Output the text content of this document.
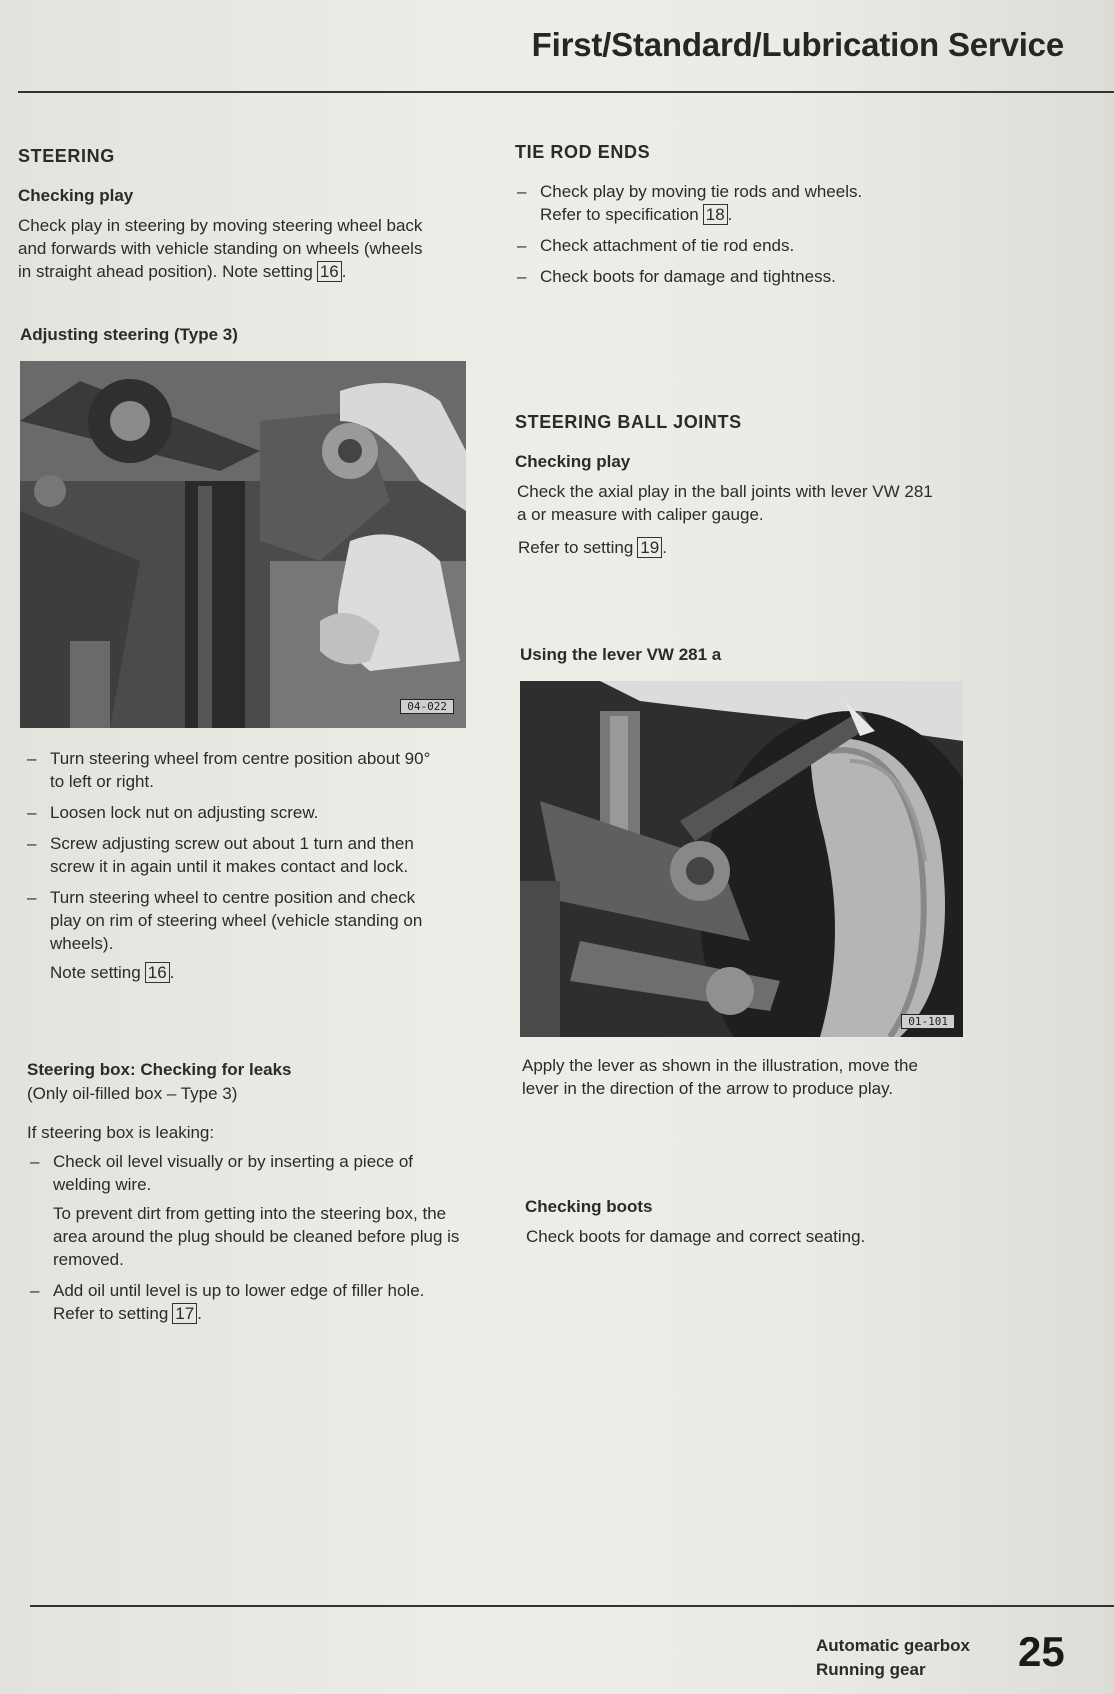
First/Standard/Lubrication Service
STEERING
Checking play
Check play in steering by moving steering wheel back and forwards with vehicle standing on wheels (wheels in straight ahead position). Note setting 16 .
Adjusting steering (Type 3)
04-022
– Turn steering wheel from centre position about 90° to left or right.
– Loosen lock nut on adjusting screw.
– Screw adjusting screw out about 1 turn and then screw it in again until it makes contact and lock.
– Turn steering wheel to centre position and check play on rim of steering wheel (vehicle standing on wheels).
Note setting 16 .
Steering box: Checking for leaks
(Only oil-filled box – Type 3)
If steering box is leaking:
– Check oil level visually or by inserting a piece of welding wire.
To prevent dirt from getting into the steering box, the area around the plug should be cleaned before plug is removed.
– Add oil until level is up to lower edge of filler hole.
Refer to setting 17 .
TIE ROD ENDS
– Check play by moving tie rods and wheels.
Refer to specification 18 .
– Check attachment of tie rod ends.
– Check boots for damage and tightness.
STEERING BALL JOINTS
Checking play
Check the axial play in the ball joints with lever VW 281 a or measure with caliper gauge.
Refer to setting 19 .
Using the lever VW 281 a
01-101
Apply the lever as shown in the illustration, move the lever in the direction of the arrow to produce play.
Checking boots
Check boots for damage and correct seating.
Automatic gearbox
Running gear 25
